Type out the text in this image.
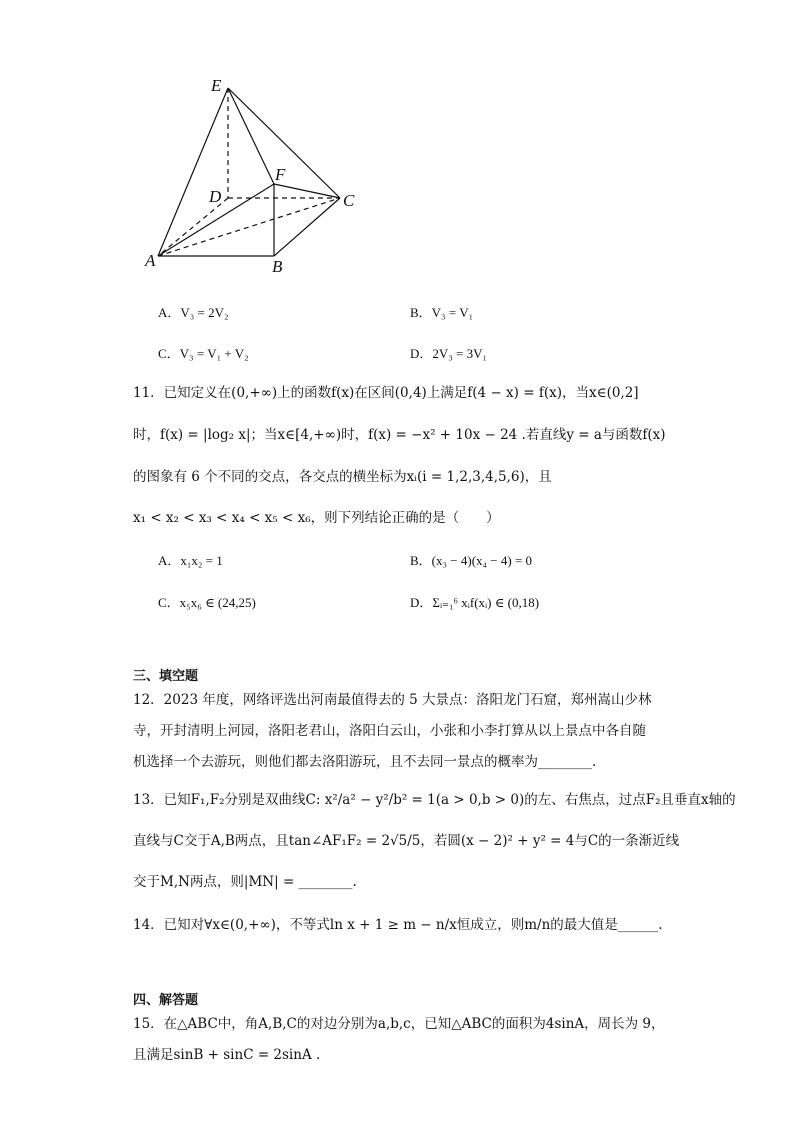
E
F
D	C
A	B
A．V₃ = 2V₂	B．V₃ = V₁
C．V₃ = V₁ + V₂	D．2V₃ = 3V₁
11．已知定义在(0,+∞)上的函数f(x)在区间(0,4)上满足f(4 − x) = f(x)，当x∈(0,2]
时，f(x) = |log₂ x|；当x∈[4,+∞)时，f(x) = −x² + 10x − 24 .若直线y = a与函数f(x)
的图象有 6 个不同的交点，各交点的横坐标为xᵢ(i = 1,2,3,4,5,6)，且
x₁ < x₂ < x₃ < x₄ < x₅ < x₆，则下列结论正确的是（　　）
A．x₁x₂ = 1	B．(x₃ − 4)(x₄ − 4) = 0
C．x₅x₆ ∈ (24,25)	D．Σᵢ₌₁⁶ xᵢf(xᵢ) ∈ (0,18)
三、填空题
12．2023 年度，网络评选出河南最值得去的 5 大景点：洛阳龙门石窟，郑州嵩山少林
寺，开封清明上河园，洛阳老君山，洛阳白云山，小张和小李打算从以上景点中各自随
机选择一个去游玩，则他们都去洛阳游玩，且不去同一景点的概率为________.
13．已知F₁,F₂分别是双曲线C: x²/a² − y²/b² = 1(a > 0,b > 0)的左、右焦点，过点F₂且垂直x轴的
直线与C交于A,B两点，且tan∠AF₁F₂ = 2√5/5，若圆(x − 2)² + y² = 4与C的一条渐近线
交于M,N两点，则|MN| = ________.
14．已知对∀x∈(0,+∞)，不等式ln x + 1 ≥ m − n/x恒成立，则m/n的最大值是______.
四、解答题
15．在△ABC中，角A,B,C的对边分别为a,b,c，已知△ABC的面积为4sinA，周长为 9，
且满足sinB + sinC = 2sinA .
